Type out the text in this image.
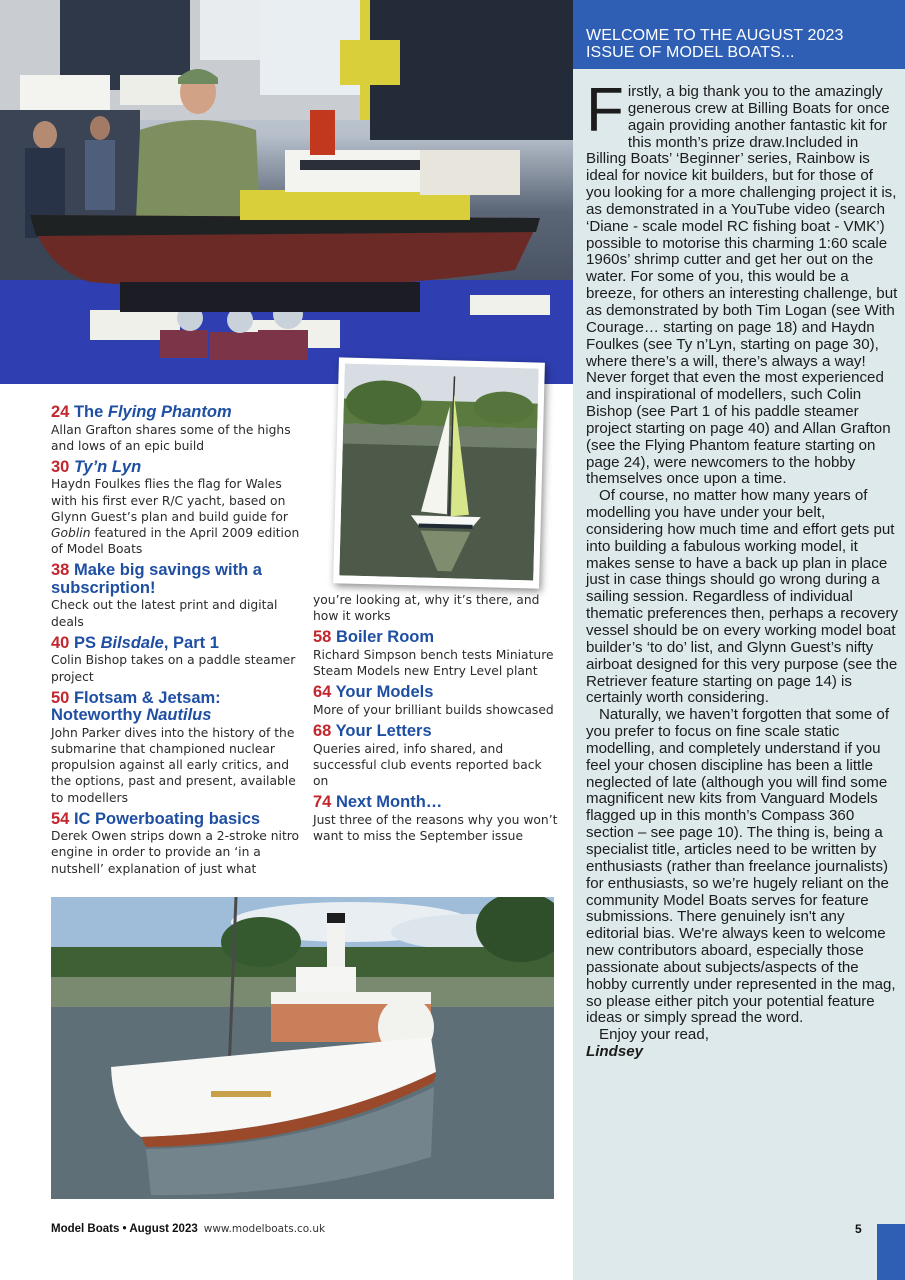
24 The Flying Phantom
Allan Grafton shares some of the highs and lows of an epic build
30 Ty’n Lyn
Haydn Foulkes flies the flag for Wales with his first ever R/C yacht, based on Glynn Guest’s plan and build guide for Goblin featured in the April 2009 edition of Model Boats
38 Make big savings with a subscription!
Check out the latest print and digital deals
40 PS Bilsdale, Part 1
Colin Bishop takes on a paddle steamer project
50 Flotsam & Jetsam: Noteworthy Nautilus
John Parker dives into the history of the submarine that championed nuclear propulsion against all early critics, and the options, past and present, available to modellers
54 IC Powerboating basics
Derek Owen strips down a 2-stroke nitro engine in order to provide an ‘in a nutshell’ explanation of just what
you’re looking at, why it’s there, and how it works
58 Boiler Room
Richard Simpson bench tests Miniature Steam Models new Entry Level plant
64 Your Models
More of your brilliant builds showcased
68 Your Letters
Queries aired, info shared, and successful club events reported back on
74 Next Month…
Just three of the reasons why you won’t want to miss the September issue
WELCOME TO THE AUGUST 2023 ISSUE OF MODEL BOATS...

Firstly, a big thank you to the amazingly generous crew at Billing Boats for once again providing another fantastic kit for this month’s prize draw.Included in Billing Boats’ ‘Beginner’ series, Rainbow is ideal for novice kit builders, but for those of you looking for a more challenging project it is, as demonstrated in a YouTube video (search ‘Diane - scale model RC fishing boat - VMK’) possible to motorise this charming 1:60 scale 1960s’ shrimp cutter and get her out on the water. For some of you, this would be a breeze, for others an interesting challenge, but as demonstrated by both Tim Logan (see With Courage… starting on page 18) and Haydn Foulkes (see Ty n’Lyn, starting on page 30), where there’s a will, there’s always a way! Never forget that even the most experienced and inspirational of modellers, such Colin Bishop (see Part 1 of his paddle steamer project starting on page 40) and Allan Grafton (see the Flying Phantom feature starting on page 24), were newcomers to the hobby themselves once upon a time.

Of course, no matter how many years of modelling you have under your belt, considering how much time and effort gets put into building a fabulous working model, it makes sense to have a back up plan in place just in case things should go wrong during a sailing session. Regardless of individual thematic preferences then, perhaps a recovery vessel should be on every working model boat builder’s ‘to do’ list, and Glynn Guest’s nifty airboat designed for this very purpose (see the Retriever feature starting on page 14) is certainly worth considering.

Naturally, we haven’t forgotten that some of you prefer to focus on fine scale static modelling, and completely understand if you feel your chosen discipline has been a little neglected of late (although you will find some magnificent new kits from Vanguard Models flagged up in this month’s Compass 360 section – see page 10). The thing is, being a specialist title, articles need to be written by enthusiasts (rather than freelance journalists) for enthusiasts, so we’re hugely reliant on the community Model Boats serves for feature submissions. There genuinely isn't any editorial bias. We're always keen to welcome new contributors aboard, especially those passionate about subjects/aspects of the hobby currently under represented in the mag, so please either pitch your potential feature ideas or simply spread the word.

Enjoy your read,

Lindsey

Model Boats • August 2023 www.modelboats.co.uk	5
